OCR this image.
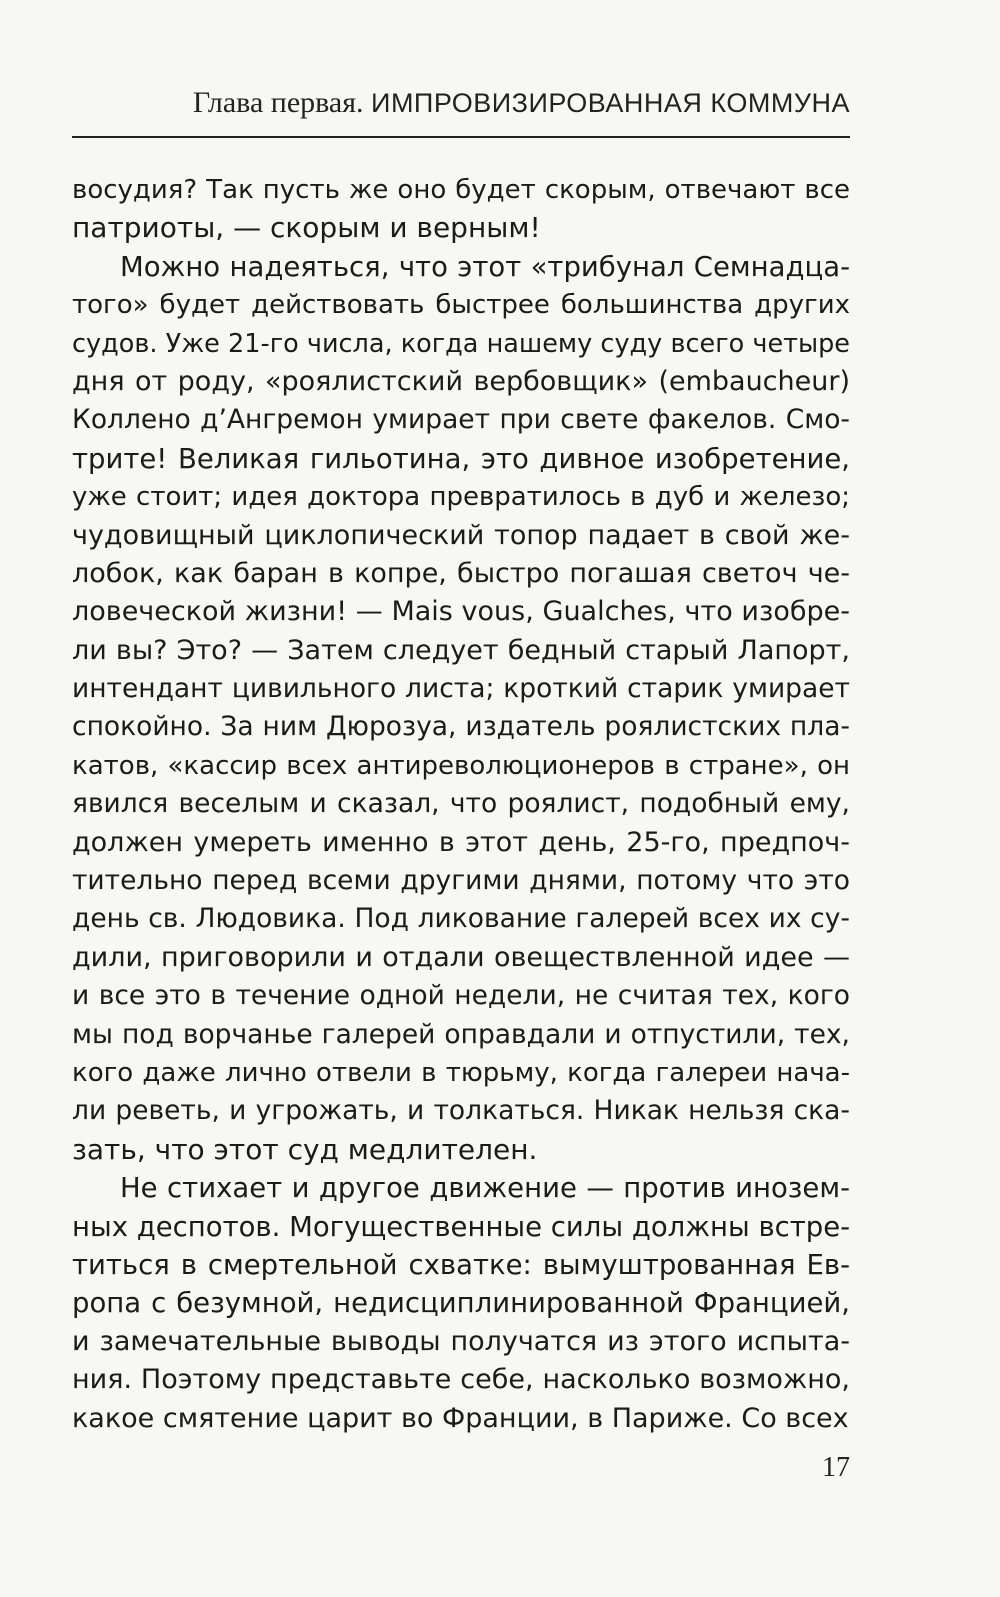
Глава первая. ИМПРОВИЗИРОВАННАЯ КОММУНА
восудия? Так пусть же оно будет скорым, отвечают все
патриоты, — скорым и верным!
Можно надеяться, что этот «трибунал Семнадца-
того» будет действовать быстрее большинства других
судов. Уже 21-го числа, когда нашему суду всего четыре
дня от роду, «роялистский вербовщик» (embaucheur)
Коллено д’Ангремон умирает при свете факелов. Смо-
трите! Великая гильотина, это дивное изобретение,
уже стоит; идея доктора превратилось в дуб и железо;
чудовищный циклопический топор падает в свой же-
лобок, как баран в копре, быстро погашая светоч че-
ловеческой жизни! — Mais vous, Gualches, что изобре-
ли вы? Это? — Затем следует бедный старый Лапорт,
интендант цивильного листа; кроткий старик умирает
спокойно. За ним Дюрозуа, издатель роялистских пла-
катов, «кассир всех антиреволюционеров в стране», он
явился веселым и сказал, что роялист, подобный ему,
должен умереть именно в этот день, 25-го, предпоч-
тительно перед всеми другими днями, потому что это
день св. Людовика. Под ликование галерей всех их су-
дили, приговорили и отдали овеществленной идее —
и все это в течение одной недели, не считая тех, кого
мы под ворчанье галерей оправдали и отпустили, тех,
кого даже лично отвели в тюрьму, когда галереи нача-
ли реветь, и угрожать, и толкаться. Никак нельзя ска-
зать, что этот суд медлителен.
Не стихает и другое движение — против инозем-
ных деспотов. Могущественные силы должны встре-
титься в смертельной схватке: вымуштрованная Ев-
ропа с безумной, недисциплинированной Францией,
и замечательные выводы получатся из этого испыта-
ния. Поэтому представьте себе, насколько возможно,
какое смятение царит во Франции, в Париже. Со всех
17
